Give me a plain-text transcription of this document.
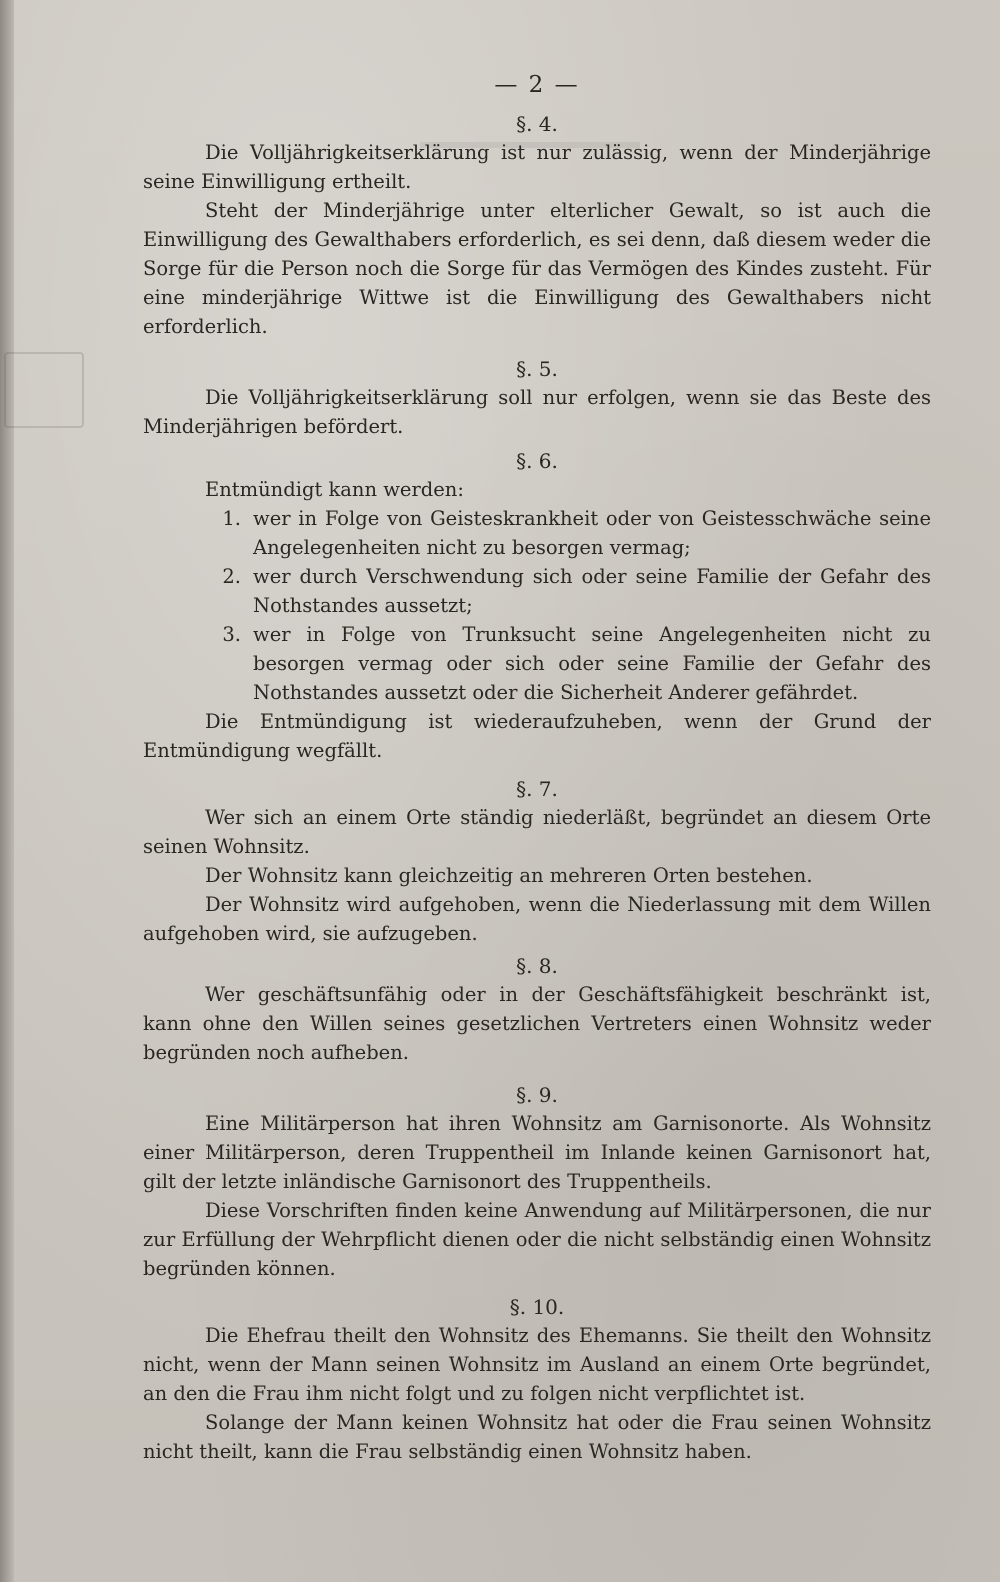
— 2 —
§. 4.

Die Volljährigkeitserklärung ist nur zulässig, wenn der Minderjährige seine Einwilligung ertheilt.

Steht der Minderjährige unter elterlicher Gewalt, so ist auch die Einwilligung des Gewalthabers erforderlich, es sei denn, daß diesem weder die Sorge für die Person noch die Sorge für das Vermögen des Kindes zusteht. Für eine minderjährige Wittwe ist die Einwilligung des Gewalthabers nicht erforderlich.

§. 5.

Die Volljährigkeitserklärung soll nur erfolgen, wenn sie das Beste des Minderjährigen befördert.

§. 6.

Entmündigt kann werden:

1. wer in Folge von Geisteskrankheit oder von Geistesschwäche seine Angelegenheiten nicht zu besorgen vermag;
2. wer durch Verschwendung sich oder seine Familie der Gefahr des Nothstandes aussetzt;
3. wer in Folge von Trunksucht seine Angelegenheiten nicht zu besorgen vermag oder sich oder seine Familie der Gefahr des Nothstandes aussetzt oder die Sicherheit Anderer gefährdet.

Die Entmündigung ist wiederaufzuheben, wenn der Grund der Entmündigung wegfällt.

§. 7.

Wer sich an einem Orte ständig niederläßt, begründet an diesem Orte seinen Wohnsitz.

Der Wohnsitz kann gleichzeitig an mehreren Orten bestehen.

Der Wohnsitz wird aufgehoben, wenn die Niederlassung mit dem Willen aufgehoben wird, sie aufzugeben.

§. 8.

Wer geschäftsunfähig oder in der Geschäftsfähigkeit beschränkt ist, kann ohne den Willen seines gesetzlichen Vertreters einen Wohnsitz weder begründen noch aufheben.

§. 9.

Eine Militärperson hat ihren Wohnsitz am Garnisonorte. Als Wohnsitz einer Militärperson, deren Truppentheil im Inlande keinen Garnisonort hat, gilt der letzte inländische Garnisonort des Truppentheils.

Diese Vorschriften finden keine Anwendung auf Militärpersonen, die nur zur Erfüllung der Wehrpflicht dienen oder die nicht selbständig einen Wohnsitz begründen können.

§. 10.

Die Ehefrau theilt den Wohnsitz des Ehemanns. Sie theilt den Wohnsitz nicht, wenn der Mann seinen Wohnsitz im Ausland an einem Orte begründet, an den die Frau ihm nicht folgt und zu folgen nicht verpflichtet ist.

Solange der Mann keinen Wohnsitz hat oder die Frau seinen Wohnsitz nicht theilt, kann die Frau selbständig einen Wohnsitz haben.
